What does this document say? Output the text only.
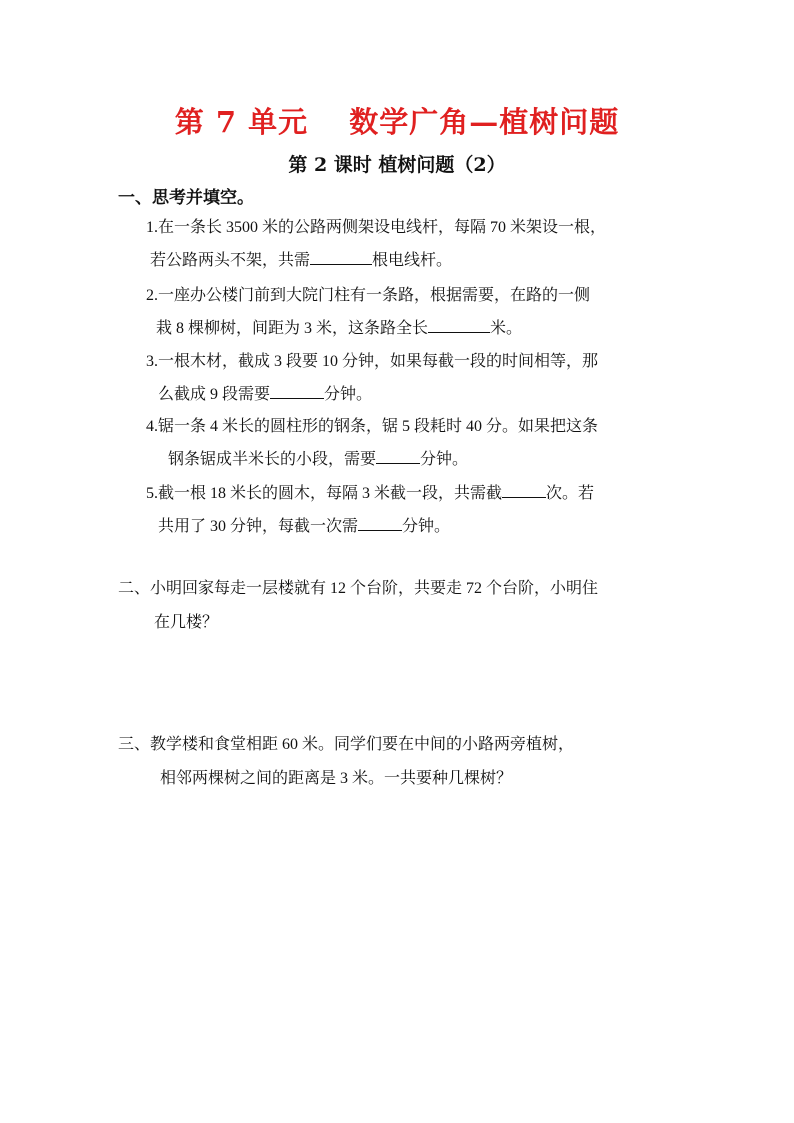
第 7 单元　 数学广角—植树问题
第 2 课时 植树问题（2）
一、思考并填空。
1.在一条长 3500 米的公路两侧架设电线杆，每隔 70 米架设一根，
若公路两头不架，共需	根电线杆。
2.一座办公楼门前到大院门柱有一条路，根据需要，在路的一侧
栽 8 棵柳树，间距为 3 米，这条路全长	米。
3.一根木材，截成 3 段要 10 分钟，如果每截一段的时间相等，那
么截成 9 段需要	分钟。
4.锯一条 4 米长的圆柱形的钢条，锯 5 段耗时 40 分。如果把这条
钢条锯成半米长的小段，需要	分钟。
5.截一根 18 米长的圆木，每隔 3 米截一段，共需截	次。若
共用了 30 分钟，每截一次需	分钟。
二、小明回家每走一层楼就有 12 个台阶，共要走 72 个台阶，小明住
在几楼？
三、教学楼和食堂相距 60 米。同学们要在中间的小路两旁植树，
相邻两棵树之间的距离是 3 米。一共要种几棵树？
